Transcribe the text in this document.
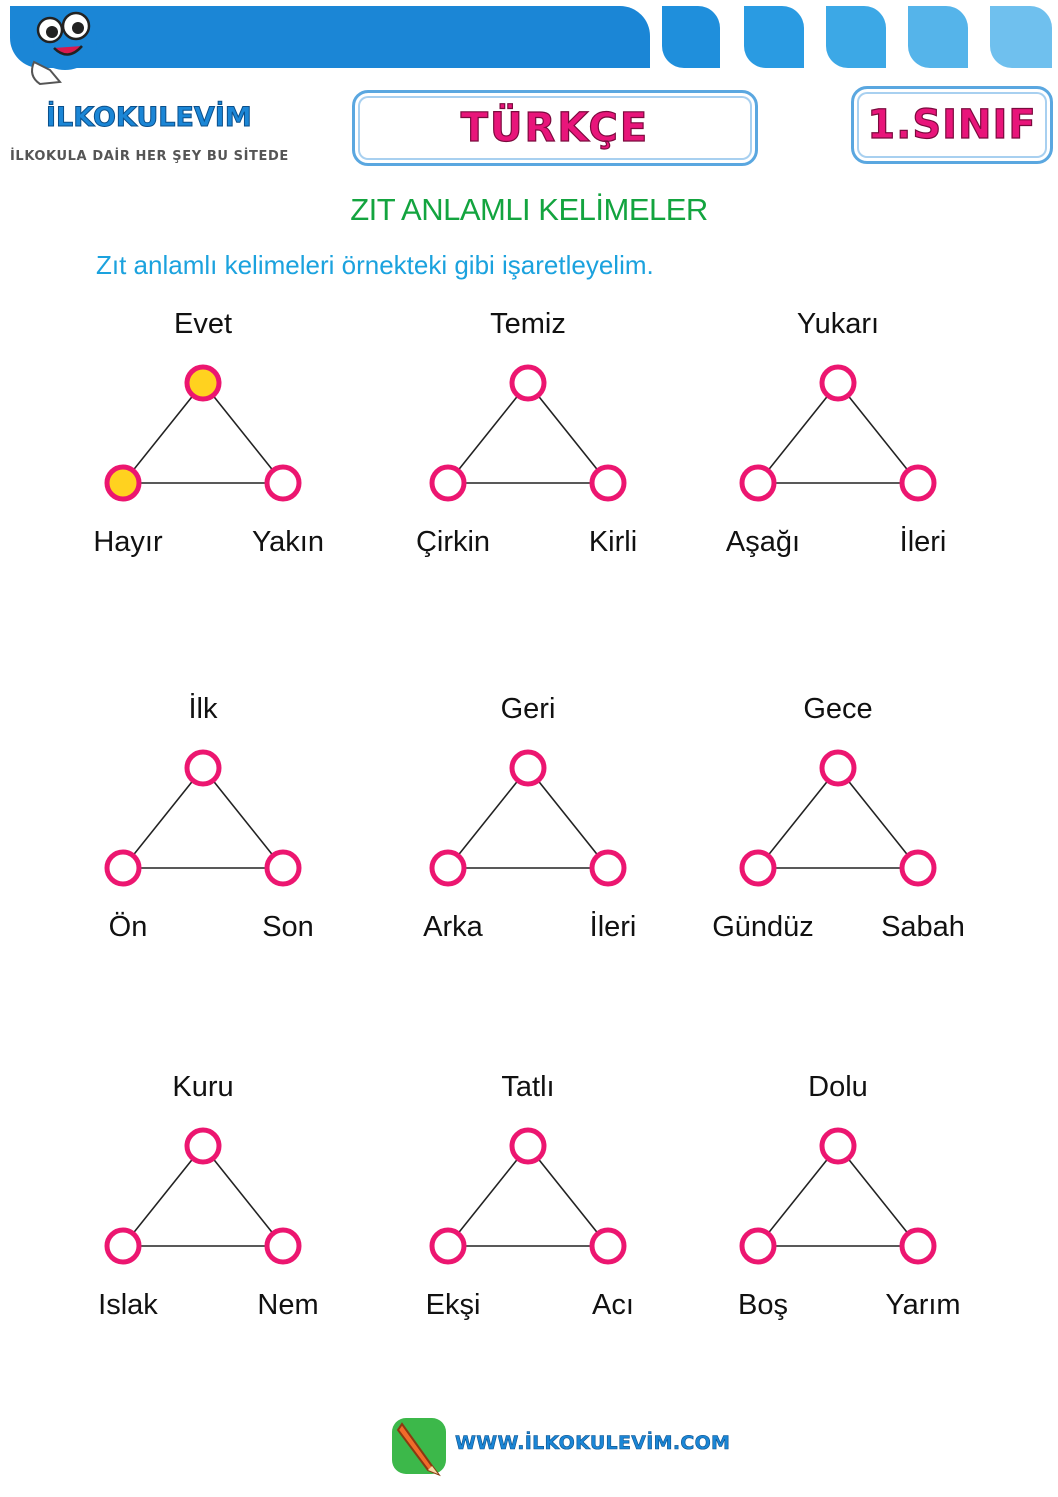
İLKOKULEVİM
İLKOKULA DAİR HER ŞEY BU SİTEDE
TÜRKÇE	1.SINIF
ZIT ANLAMLI KELİMELER
Zıt anlamlı kelimeleri örnekteki gibi işaretleyelim.
Evet
Hayır	Yakın
Temiz
Çirkin	Kirli
Yukarı
Aşağı	İleri
İlk
Ön	Son
Geri
Arka	İleri
Gece
Gündüz Sabah
Kuru
Islak	Nem
Tatlı
Ekşi	Acı
Dolu
Boş	Yarım
WWW.İLKOKULEVİM.COM
